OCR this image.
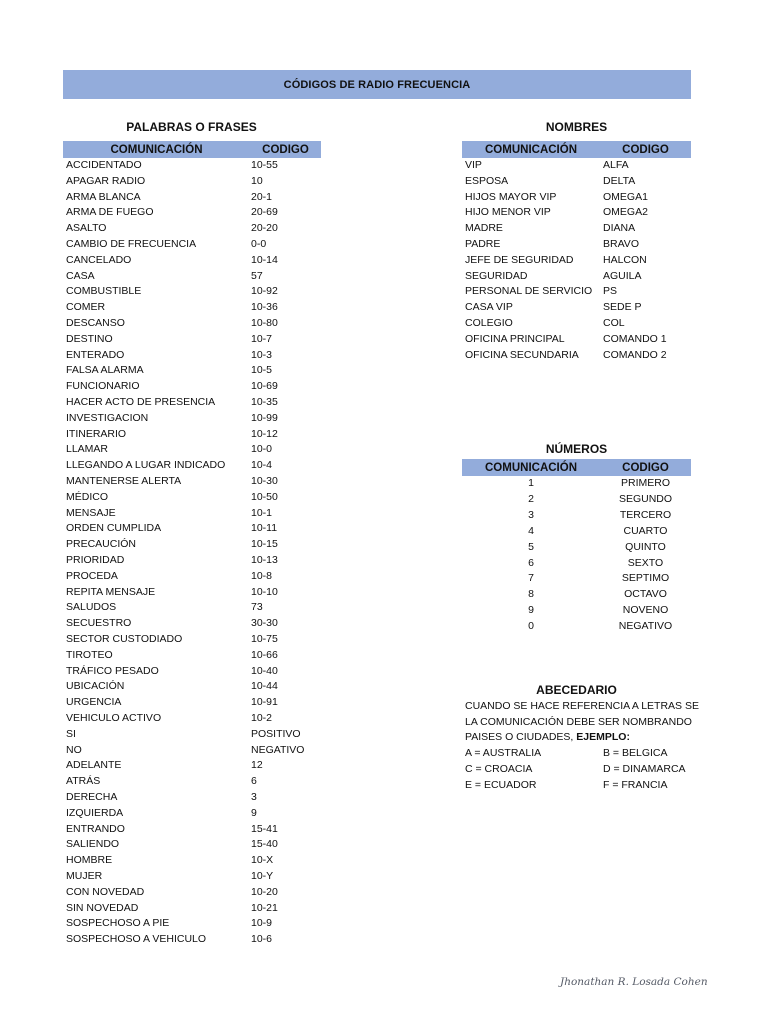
CÓDIGOS DE RADIO FRECUENCIA
PALABRAS O FRASES
COMUNICACIÓN	CODIGO
ACCIDENTADO	10-55
APAGAR RADIO	10
ARMA BLANCA	20-1
ARMA DE FUEGO	20-69
ASALTO	20-20
CAMBIO DE FRECUENCIA	0-0
CANCELADO	10-14
CASA	57
COMBUSTIBLE	10-92
COMER	10-36
DESCANSO	10-80
DESTINO	10-7
ENTERADO	10-3
FALSA ALARMA	10-5
FUNCIONARIO	10-69
HACER ACTO DE PRESENCIA	10-35
INVESTIGACION	10-99
ITINERARIO	10-12
LLAMAR	10-0
LLEGANDO A LUGAR INDICADO 10-4
MANTENERSE ALERTA	10-30
MÉDICO	10-50
MENSAJE	10-1
ORDEN CUMPLIDA	10-11
PRECAUCIÓN	10-15
PRIORIDAD	10-13
PROCEDA	10-8
REPITA MENSAJE	10-10
SALUDOS	73
SECUESTRO	30-30
SECTOR CUSTODIADO	10-75
TIROTEO	10-66
TRÁFICO PESADO	10-40
UBICACIÓN	10-44
URGENCIA	10-91
VEHICULO ACTIVO	10-2
SI	POSITIVO
NO	NEGATIVO
ADELANTE	12
ATRÁS	6
DERECHA	3
IZQUIERDA	9
ENTRANDO	15-41
SALIENDO	15-40
HOMBRE	10-X
MUJER	10-Y
CON NOVEDAD	10-20
SIN NOVEDAD	10-21
SOSPECHOSO A PIE	10-9
SOSPECHOSO A VEHICULO	10-6
NOMBRES
COMUNICACIÓN	CODIGO
VIP	ALFA
ESPOSA	DELTA
HIJOS MAYOR VIP	OMEGA1
HIJO MENOR VIP	OMEGA2
MADRE	DIANA
PADRE	BRAVO
JEFE DE SEGURIDAD	HALCON
SEGURIDAD	AGUILA
PERSONAL DE SERVICIO PS
CASA VIP	SEDE P
COLEGIO	COL
OFICINA PRINCIPAL	COMANDO 1
OFICINA SECUNDARIA COMANDO 2
NÚMEROS
COMUNICACIÓN	CODIGO
1	PRIMERO
2	SEGUNDO
3	TERCERO
4	CUARTO
5	QUINTO
6	SEXTO
7	SEPTIMO
8	OCTAVO
9	NOVENO
0	NEGATIVO
ABECEDARIO
CUANDO SE HACE REFERENCIA A LETRAS SE
LA COMUNICACIÓN DEBE SER NOMBRANDO
PAISES O CIUDADES, EJEMPLO:
A = AUSTRALIA	B = BELGICA
C = CROACIA	D = DINAMARCA
E = ECUADOR	F = FRANCIA
Jhonathan R. Losada Cohen
